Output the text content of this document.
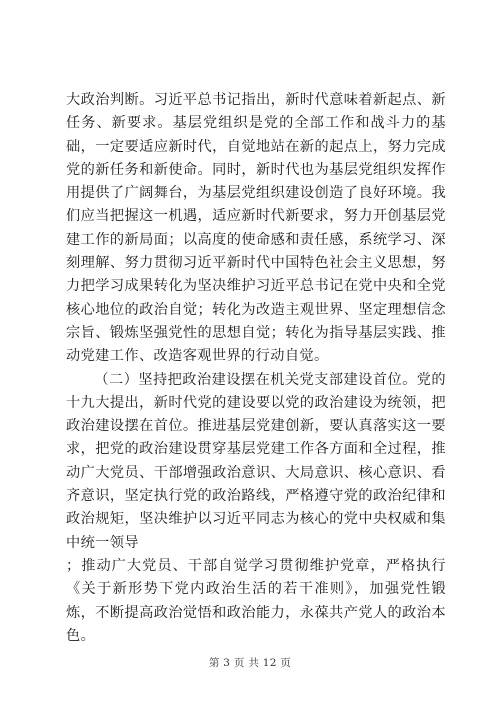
大政治判断。习近平总书记指出，新时代意味着新起点、新任务、新要求。基层党组织是党的全部工作和战斗力的基础，一定要适应新时代，自觉地站在新的起点上，努力完成党的新任务和新使命。同时，新时代也为基层党组织发挥作用提供了广阔舞台，为基层党组织建设创造了良好环境。我们应当把握这一机遇，适应新时代新要求，努力开创基层党建工作的新局面；以高度的使命感和责任感，系统学习、深刻理解、努力贯彻习近平新时代中国特色社会主义思想，努力把学习成果转化为坚决维护习近平总书记在党中央和全党核心地位的政治自觉；转化为改造主观世界、坚定理想信念宗旨、锻炼坚强党性的思想自觉；转化为指导基层实践、推动党建工作、改造客观世界的行动自觉。

（二）坚持把政治建设摆在机关党支部建设首位。党的十九大提出，新时代党的建设要以党的政治建设为统领，把政治建设摆在首位。推进基层党建创新，要认真落实这一要求，把党的政治建设贯穿基层党建工作各方面和全过程，推动广大党员、干部增强政治意识、大局意识、核心意识、看齐意识，坚定执行党的政治路线，严格遵守党的政治纪律和政治规矩，坚决维护以习近平同志为核心的党中央权威和集中统一领导

；推动广大党员、干部自觉学习贯彻维护党章，严格执行《关于新形势下党内政治生活的若干准则》，加强党性锻炼，不断提高政治觉悟和政治能力，永葆共产党人的政治本色。

第 3 页 共 12 页
